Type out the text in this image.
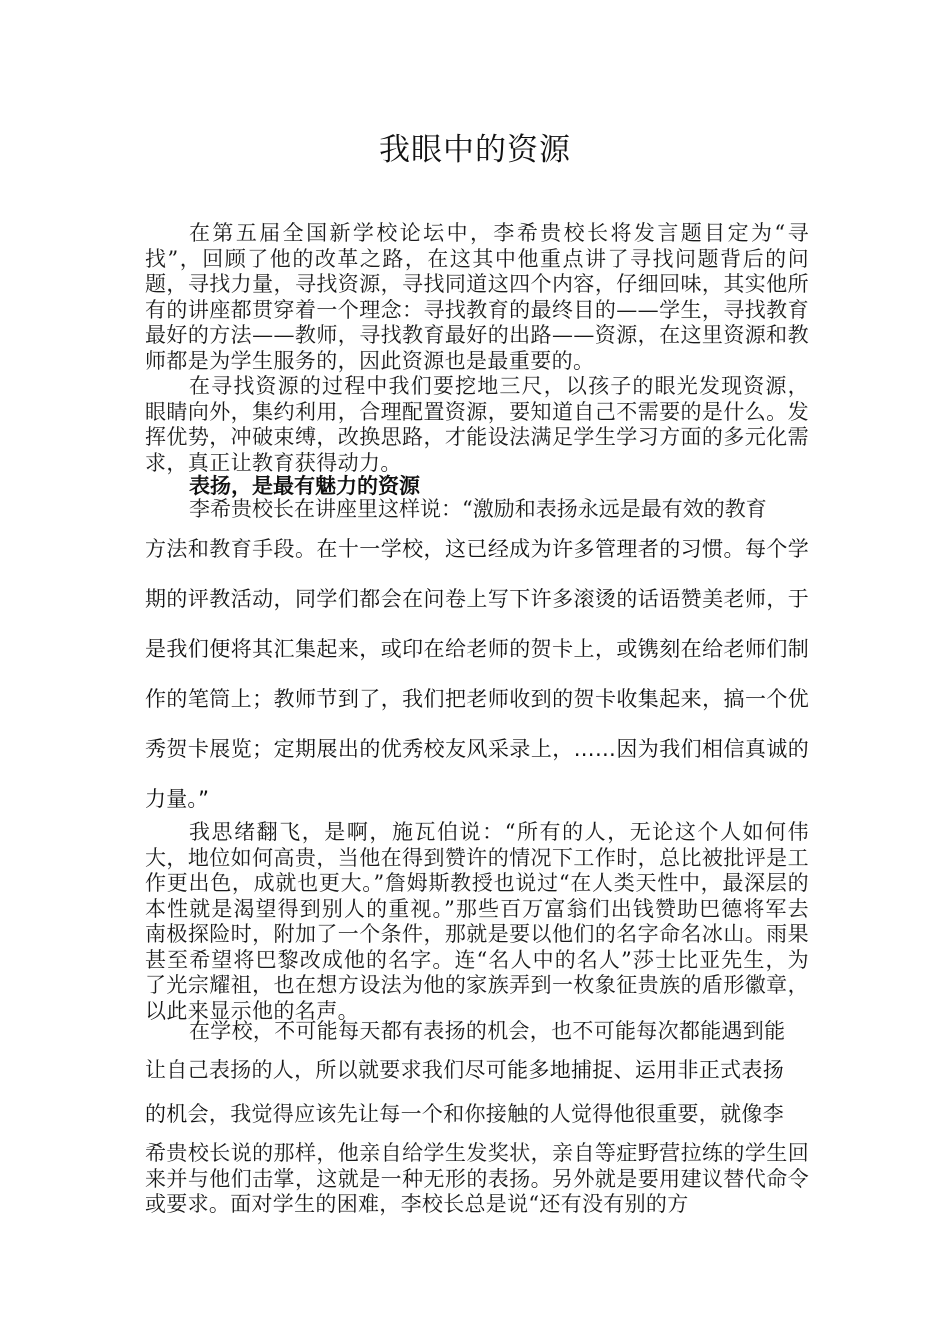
我眼中的资源

在第五届全国新学校论坛中，李希贵校长将发言题目定为“寻找”，回顾了他的改革之路，在这其中他重点讲了寻找问题背后的问题，寻找力量，寻找资源，寻找同道这四个内容，仔细回味，其实他所有的讲座都贯穿着一个理念：寻找教育的最终目的——学生，寻找教育最好的方法——教师，寻找教育最好的出路——资源，在这里资源和教师都是为学生服务的，因此资源也是最重要的。

在寻找资源的过程中我们要挖地三尺，以孩子的眼光发现资源，眼睛向外，集约利用，合理配置资源，要知道自己不需要的是什么。发挥优势，冲破束缚，改换思路，才能设法满足学生学习方面的多元化需求，真正让教育获得动力。

表扬，是最有魅力的资源

李希贵校长在讲座里这样说：“激励和表扬永远是最有效的教育

方法和教育手段。在十一学校，这已经成为许多管理者的习惯。每个学期的评教活动，同学们都会在问卷上写下许多滚烫的话语赞美老师，于是我们便将其汇集起来，或印在给老师的贺卡上，或镌刻在给老师们制作的笔筒上；教师节到了，我们把老师收到的贺卡收集起来，搞一个优秀贺卡展览；定期展出的优秀校友风采录上，……因为我们相信真诚的力量。”

我思绪翻飞，是啊，施瓦伯说：“所有的人，无论这个人如何伟大，地位如何高贵，当他在得到赞许的情况下工作时，总比被批评是工作更出色，成就也更大。”詹姆斯教授也说过“在人类天性中，最深层的本性就是渴望得到别人的重视。”那些百万富翁们出钱赞助巴德将军去南极探险时，附加了一个条件，那就是要以他们的名字命名冰山。雨果甚至希望将巴黎改成他的名字。连“名人中的名人”莎士比亚先生，为了光宗耀祖，也在想方设法为他的家族弄到一枚象征贵族的盾形徽章，以此来显示他的名声。

在学校，不可能每天都有表扬的机会，也不可能每次都能遇到能

让自己表扬的人，所以就要求我们尽可能多地捕捉、运用非正式表扬

的机会，我觉得应该先让每一个和你接触的人觉得他很重要，就像李

希贵校长说的那样，他亲自给学生发奖状，亲自等症野营拉练的学生回来并与他们击掌，这就是一种无形的表扬。另外就是要用建议替代命令或要求。面对学生的困难，李校长总是说“还有没有别的方
